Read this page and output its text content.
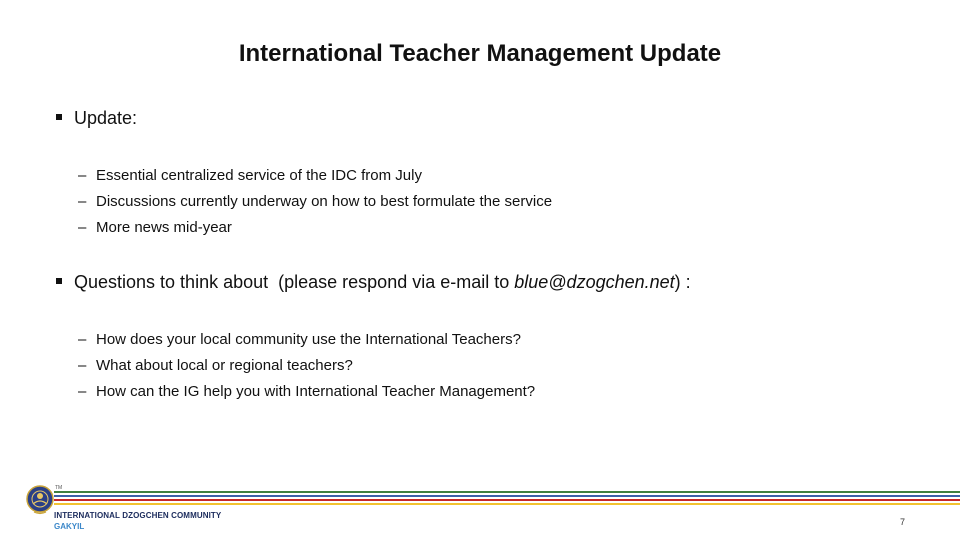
International Teacher Management Update
Update:
– Essential centralized service of the IDC from July
– Discussions currently underway on how to best formulate the service
– More news mid-year
Questions to think about  (please respond via e-mail to blue@dzogchen.net) :
– How does your local community use the International Teachers?
– What about local or regional teachers?
– How can the IG help you with International Teacher Management?
TM
INTERNATIONAL DZOGCHEN COMMUNITY
GAKYIL	7
